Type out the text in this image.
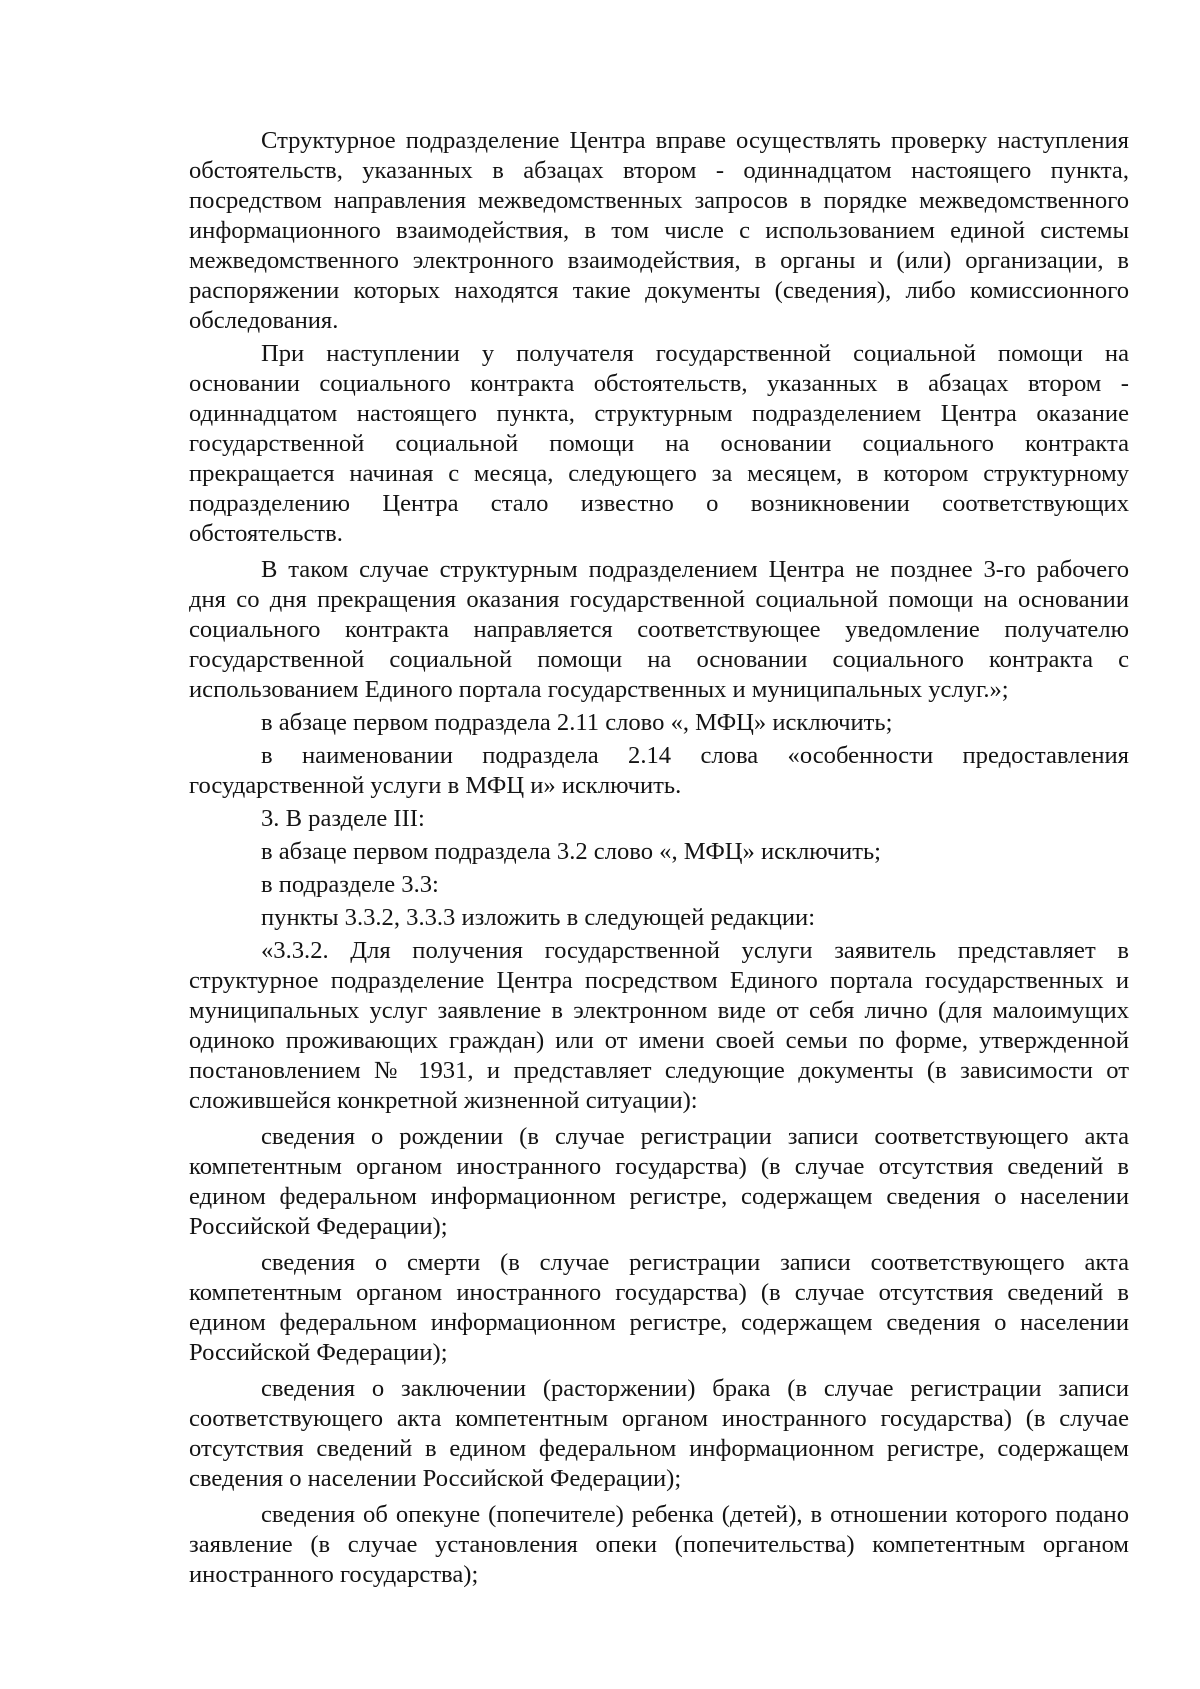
Структурное подразделение Центра вправе осуществлять проверку наступления обстоятельств, указанных в абзацах втором - одиннадцатом настоящего пункта, посредством направления межведомственных запросов в порядке межведомственного информационного взаимодействия, в том числе с использованием единой системы межведомственного электронного взаимодействия, в органы и (или) организации, в распоряжении которых находятся такие документы (сведения), либо комиссионного обследования.

При наступлении у получателя государственной социальной помощи на основании социального контракта обстоятельств, указанных в абзацах втором - одиннадцатом настоящего пункта, структурным подразделением Центра оказание государственной социальной помощи на основании социального контракта прекращается начиная с месяца, следующего за месяцем, в котором структурному подразделению Центра стало известно о возникновении соответствующих обстоятельств.

В таком случае структурным подразделением Центра не позднее 3-го рабочего дня со дня прекращения оказания государственной социальной помощи на основании социального контракта направляется соответствующее уведомление получателю государственной социальной помощи на основании социального контракта с использованием Единого портала государственных и муниципальных услуг.»;

в абзаце первом подраздела 2.11 слово «, МФЦ» исключить;

в наименовании подраздела 2.14 слова «особенности предоставления государственной услуги в МФЦ и» исключить.

3. В разделе III:

в абзаце первом подраздела 3.2 слово «, МФЦ» исключить;

в подразделе 3.3:

пункты 3.3.2, 3.3.3 изложить в следующей редакции:

«3.3.2. Для получения государственной услуги заявитель представляет в структурное подразделение Центра посредством Единого портала государственных и муниципальных услуг заявление в электронном виде от себя лично (для малоимущих одиноко проживающих граждан) или от имени своей семьи по форме, утвержденной постановлением № 1931, и представляет следующие документы (в зависимости от сложившейся конкретной жизненной ситуации):

сведения о рождении (в случае регистрации записи соответствующего акта компетентным органом иностранного государства) (в случае отсутствия сведений в едином федеральном информационном регистре, содержащем сведения о населении Российской Федерации);

сведения о смерти (в случае регистрации записи соответствующего акта компетентным органом иностранного государства) (в случае отсутствия сведений в едином федеральном информационном регистре, содержащем сведения о населении Российской Федерации);

сведения о заключении (расторжении) брака (в случае регистрации записи соответствующего акта компетентным органом иностранного государства) (в случае отсутствия сведений в едином федеральном информационном регистре, содержащем сведения о населении Российской Федерации);

сведения об опекуне (попечителе) ребенка (детей), в отношении которого подано заявление (в случае установления опеки (попечительства) компетентным органом иностранного государства);
